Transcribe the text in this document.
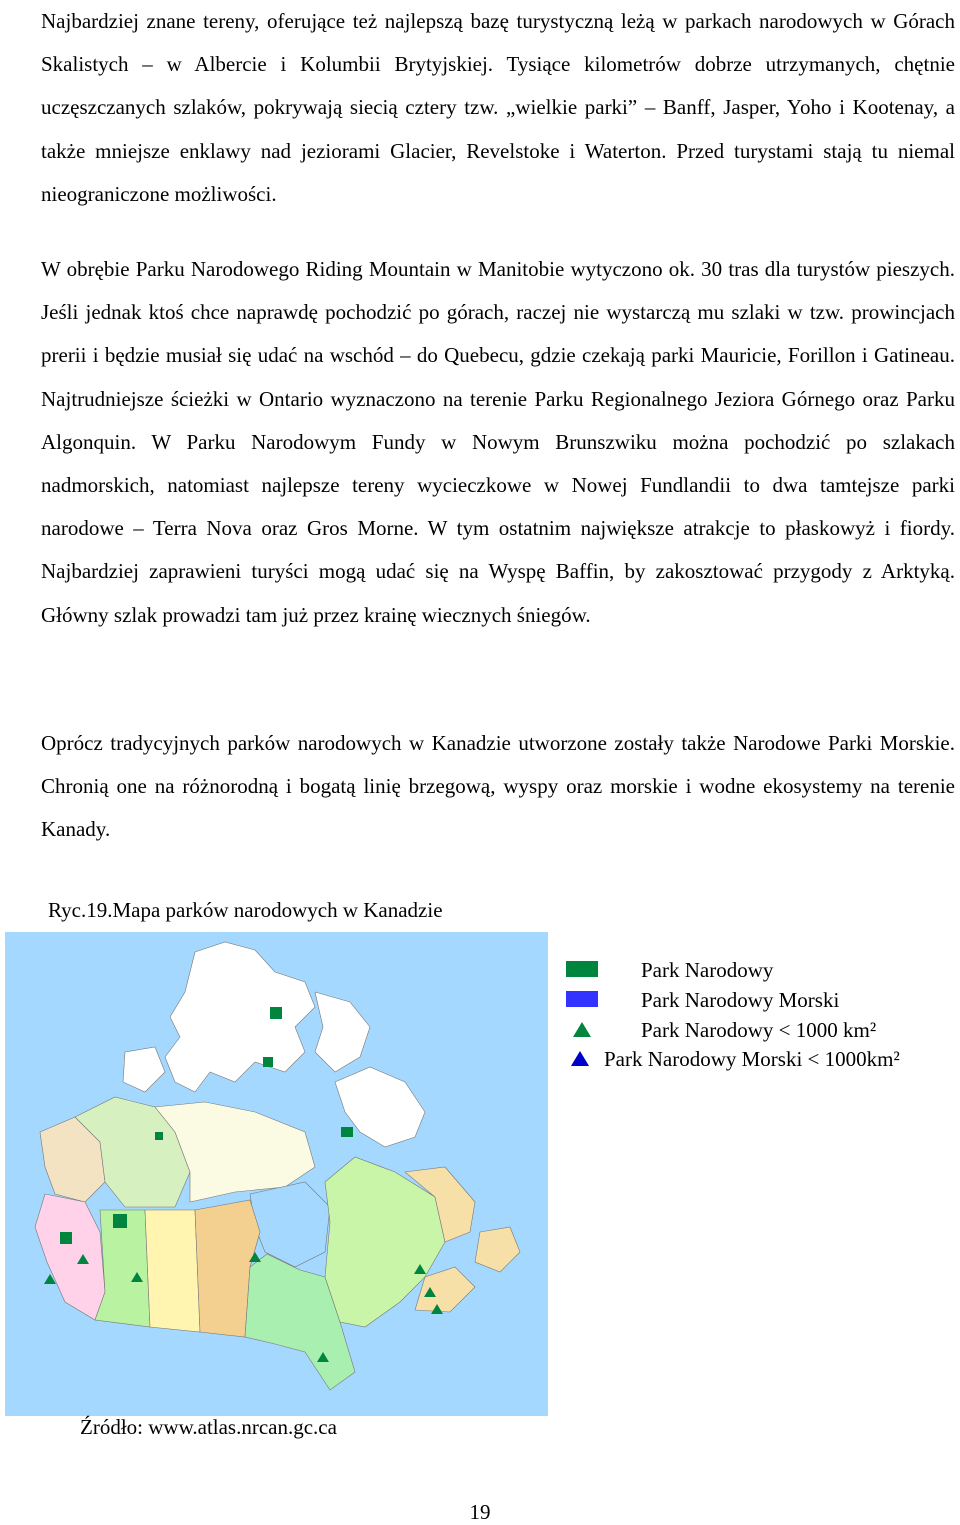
Najbardziej znane tereny, oferujące też najlepszą bazę turystyczną leżą w parkach narodowych w Górach Skalistych – w Albercie i Kolumbii Brytyjskiej. Tysiące kilometrów dobrze utrzymanych, chętnie uczęszczanych szlaków, pokrywają siecią cztery tzw. „wielkie parki” – Banff, Jasper, Yoho i Kootenay, a także mniejsze enklawy nad jeziorami Glacier, Revelstoke i Waterton. Przed turystami stają tu niemal nieograniczone możliwości.

W obrębie Parku Narodowego Riding Mountain w Manitobie wytyczono ok. 30 tras dla turystów pieszych. Jeśli jednak ktoś chce naprawdę pochodzić po górach, raczej nie wystarczą mu szlaki w tzw. prowincjach prerii i będzie musiał się udać na wschód – do Quebecu, gdzie czekają parki Mauricie, Forillon i Gatineau. Najtrudniejsze ścieżki w Ontario wyznaczono na terenie Parku Regionalnego Jeziora Górnego oraz Parku Algonquin. W Parku Narodowym Fundy w Nowym Brunszwiku można pochodzić po szlakach nadmorskich, natomiast najlepsze tereny wycieczkowe w Nowej Fundlandii to dwa tamtejsze parki narodowe – Terra Nova oraz Gros Morne. W tym ostatnim największe atrakcje to płaskowyż i fiordy. Najbardziej zaprawieni turyści mogą udać się na Wyspę Baffin, by zakosztować przygody z Arktyką. Główny szlak prowadzi tam już przez krainę wiecznych śniegów.

Oprócz tradycyjnych parków narodowych w Kanadzie utworzone zostały także Narodowe Parki Morskie. Chronią one na różnorodną i bogatą linię brzegową, wyspy oraz morskie i wodne ekosystemy na terenie Kanady.

Ryc.19.Mapa parków narodowych w Kanadzie

Park Narodowy
Park Narodowy Morski
Park Narodowy < 1000 km²
Park Narodowy Morski < 1000km²

Źródło: www.atlas.nrcan.gc.ca

19
